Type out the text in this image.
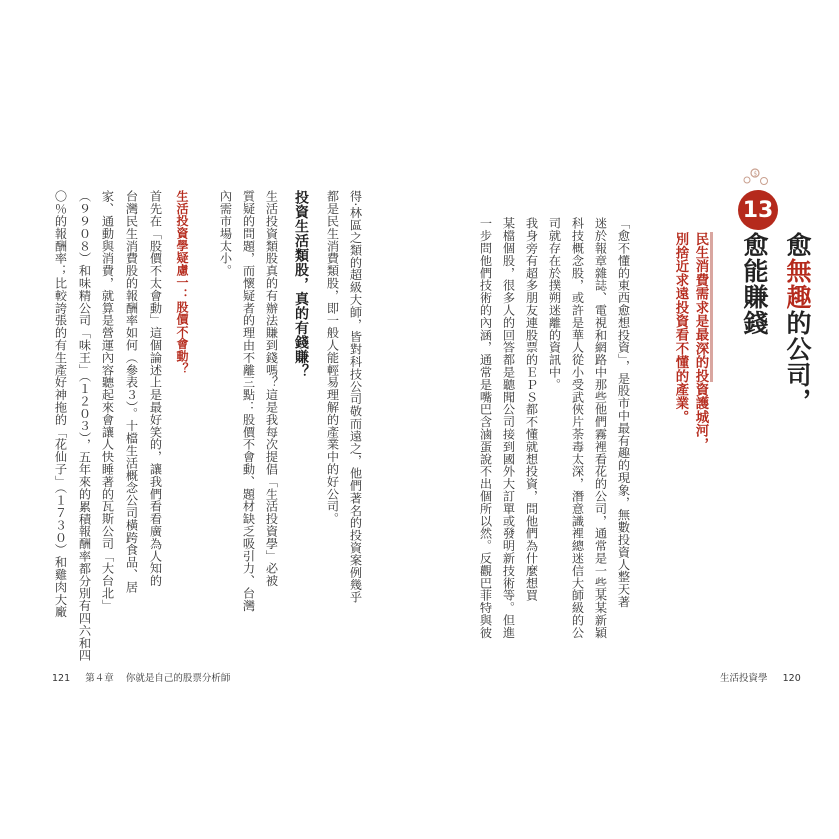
生活投資學疑慮一：股價不會動？
首先在「股價不太會動」這個論述上是最好笑的，讓我們看看廣為人知的
台灣民生消費股的報酬率如何（參表３）。十檔生活概念公司橫跨食品、居
家、通動與消費，就算是營運內容聽起來會讓人快睡著的瓦斯公司「大台北」
（９９０８）和味精公司「味王」（１２０３），五年來的累積報酬率都分別有四六和四
〇％的報酬率；比較誇張的有生產好神拖的「花仙子」（１７３０）和雞肉大廠
121 第４章 你就是自己的股票分析師
$
13
愈無趣的公司，
愈能賺錢
民生消費需求是最深的投資護城河，
別捨近求遠投資看不懂的產業。
「愈不懂的東西愈想投資」，是股市中最有趣的現象，無數投資人整天著
迷於報章雜誌、電視和網路中那些他們霧裡看花的公司，通常是一些某某新穎
科技概念股，或許是華人從小受武俠片荼毒太深，潛意識裡總迷信大師級的公
司就存在於撲朔迷離的資訊中。
我身旁有超多朋友連股票的ＥＰＳ都不懂就想投資，問他們為什麼想買
某檔個股，很多人的回答都是聽聞公司接到國外大訂單或發明新技術等。但進
一步問他們技術的內涵，通常是嘴巴含滷蛋說不出個所以然。反觀巴菲特與彼
得·林區之類的超級大師，皆對科技公司敬而遠之，他們著名的投資案例幾乎
都是民生消費類股，即一般人能輕易理解的產業中的好公司。
投資生活類股，真的有錢賺？
生活投資類股真的有辦法賺到錢嗎？這是我每次提倡「生活投資學」必被
質疑的問題，而懷疑者的理由不離三點：股價不會動、題材缺乏吸引力、台灣
內需市場太小。
生活投資學 120
